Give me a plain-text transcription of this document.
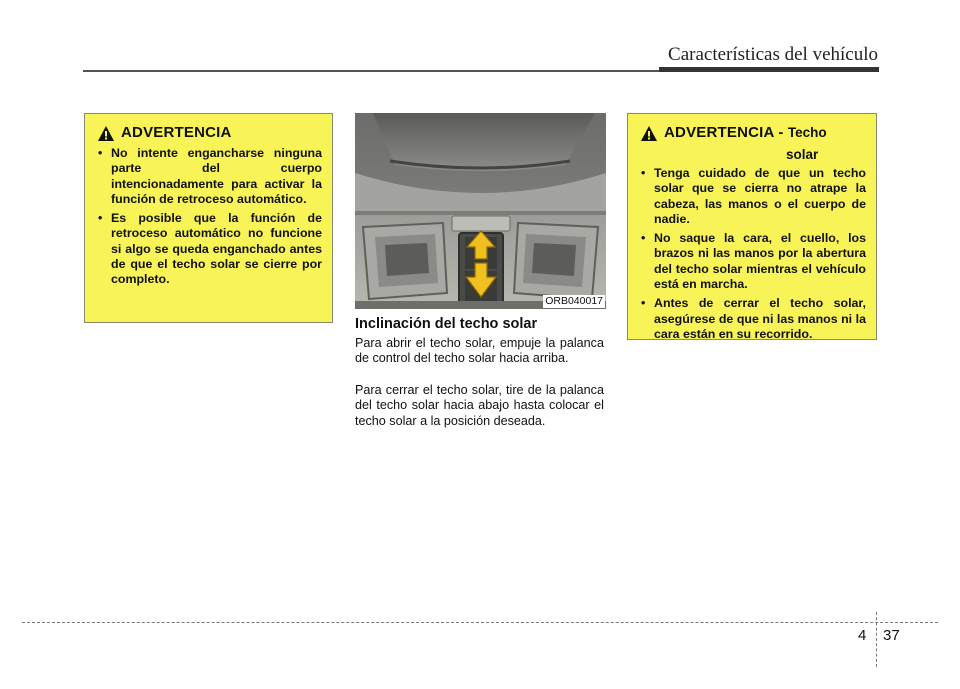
Características del vehículo
ADVERTENCIA
• No intente engancharse ninguna parte del cuerpo intencionadamente para activar la función de retroceso automático.
• Es posible que la función de retroceso automático no funcione si algo se queda enganchado antes de que el techo solar se cierre por completo.
ORB040017
Inclinación del techo solar

Para abrir el techo solar, empuje la palanca de control del techo solar hacia arriba.

Para cerrar el techo solar, tire de la palanca del techo solar hacia abajo hasta colocar el techo solar a la posición deseada.

ADVERTENCIA - Techo
solar
• Tenga cuidado de que un techo solar que se cierra no atrape la cabeza, las manos o el cuerpo de nadie.
• No saque la cara, el cuello, los brazos ni las manos por la abertura del techo solar mientras el vehículo está en marcha.
• Antes de cerrar el techo solar, asegúrese de que ni las manos ni la cara están en su recorrido.
4 37
